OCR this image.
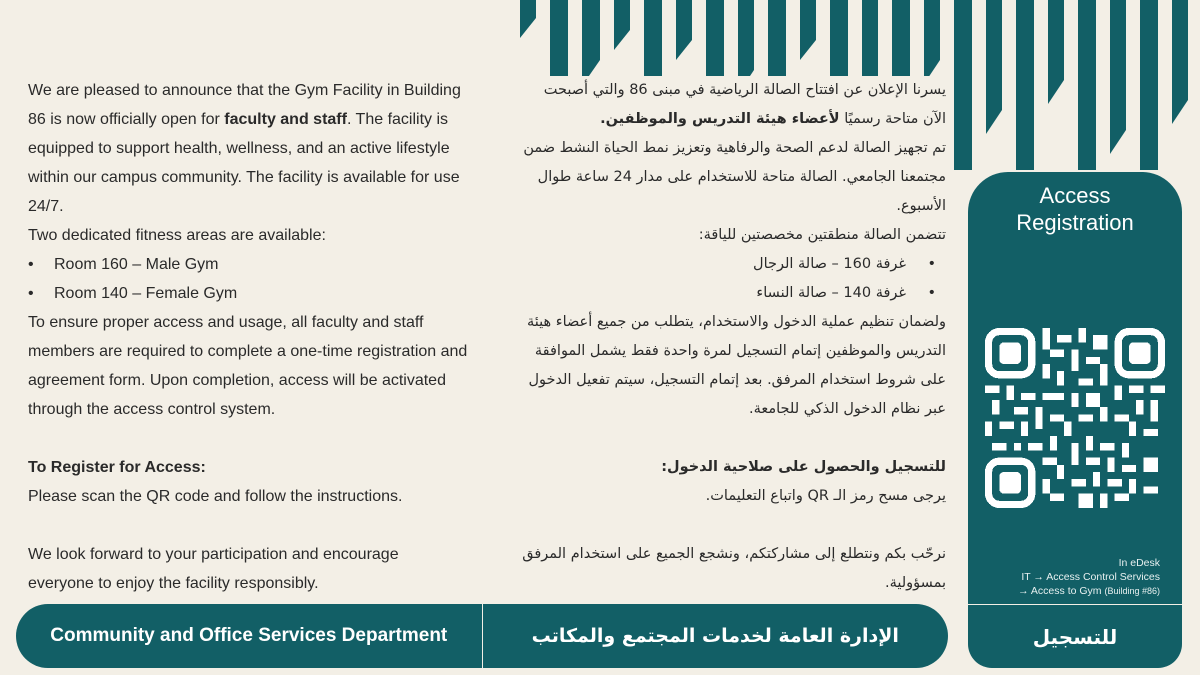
We are pleased to announce that the Gym Facility in Building 86 is now officially open for faculty and staff. The facility is equipped to support health, wellness, and an active lifestyle within our campus community. The facility is available for use 24/7.

Two dedicated fitness areas are available:

• Room 160 – Male Gym
• Room 140 – Female Gym

To ensure proper access and usage, all faculty and staff members are required to complete a one-time registration and agreement form. Upon completion, access will be activated through the access control system.

To Register for Access:

Please scan the QR code and follow the instructions.

We look forward to your participation and encourage everyone to enjoy the facility responsibly.

يسرنا الإعلان عن افتتاح الصالة الرياضية في مبنى 86 والتي أصبحت الآن متاحة رسميًا لأعضاء هيئة التدريس والموظفين.

تم تجهيز الصالة لدعم الصحة والرفاهية وتعزيز نمط الحياة النشط ضمن مجتمعنا الجامعي. الصالة متاحة للاستخدام على مدار 24 ساعة طوال الأسبوع.

تتضمن الصالة منطقتين مخصصتين للياقة:

•
غرفة 160 – صالة الرجال
•
غرفة 140 – صالة النساء

ولضمان تنظيم عملية الدخول والاستخدام، يتطلب من جميع أعضاء هيئة التدريس والموظفين إتمام التسجيل لمرة واحدة فقط يشمل الموافقة على شروط استخدام المرفق. بعد إتمام التسجيل، سيتم تفعيل الدخول عبر نظام الدخول الذكي للجامعة.

للتسجيل والحصول على صلاحية الدخول:

يرجى مسح رمز الـ QR واتباع التعليمات.

نرحّب بكم ونتطلع إلى مشاركتكم، ونشجع الجميع على استخدام المرفق بمسؤولية.

Community and Office Services Department	الإدارة العامة لخدمات المجتمع والمكاتب
Access
Registration
In eDesk
IT → Access Control Services
→ Access to Gym (Building #86)
للتسجيل
